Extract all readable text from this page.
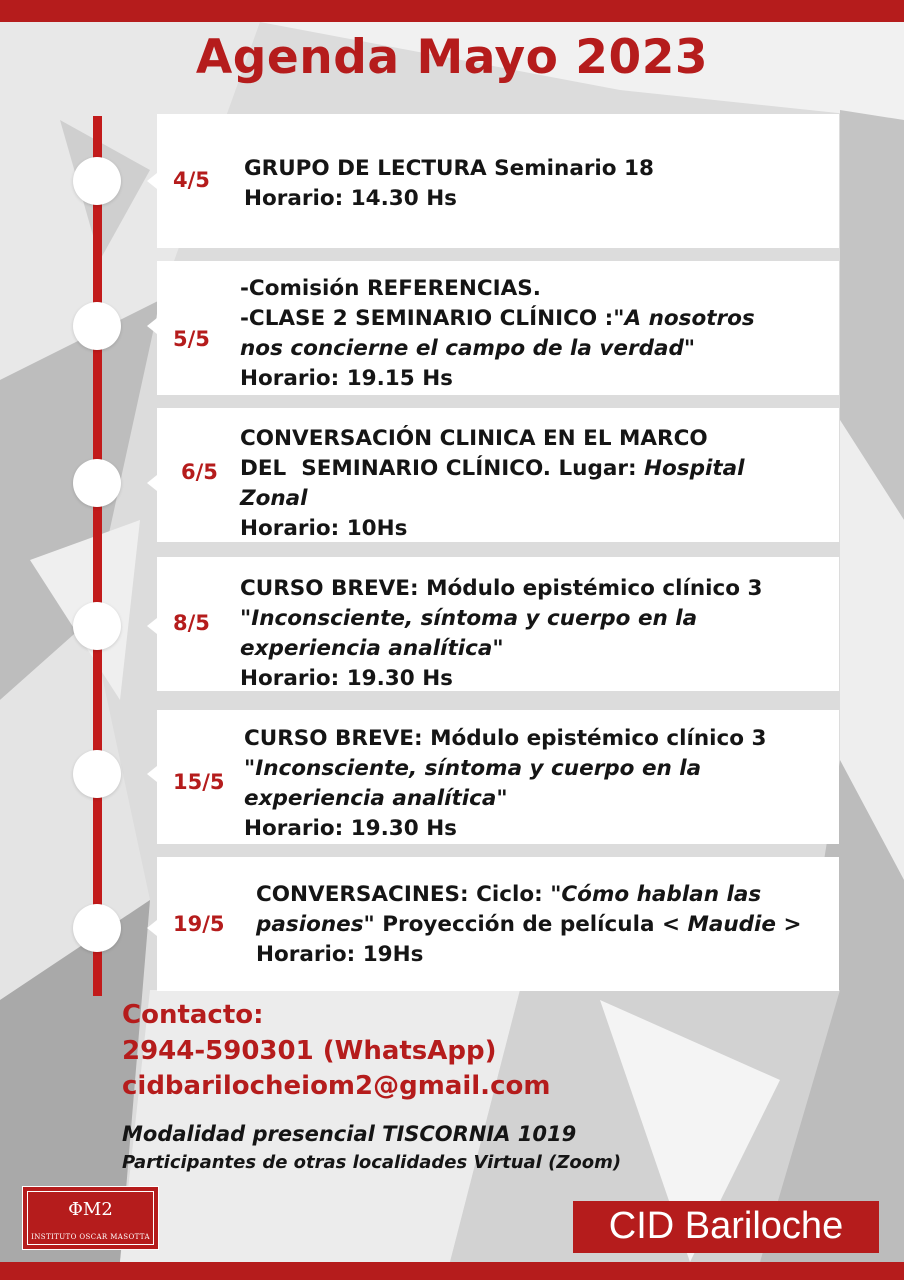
Agenda Mayo 2023
4/5 GRUPO DE LECTURA Seminario 18
Horario: 14.30 Hs
5/5
-Comisión REFERENCIAS.
-CLASE 2 SEMINARIO CLÍNICO :"A nosotros
nos concierne el campo de la verdad"
Horario: 19.15 Hs
6/5
CONVERSACIÓN CLINICA EN EL MARCO
DEL  SEMINARIO CLÍNICO. Lugar: Hospital
Zonal
Horario: 10Hs
8/5
CURSO BREVE: Módulo epistémico clínico 3
"Inconsciente, síntoma y cuerpo en la
experiencia analítica"
Horario: 19.30 Hs
15/5
CURSO BREVE: Módulo epistémico clínico 3
"Inconsciente, síntoma y cuerpo en la
experiencia analítica"
Horario: 19.30 Hs
19/5
CONVERSACINES: Ciclo: "Cómo hablan las
pasiones" Proyección de película < Maudie >
Horario: 19Hs
Contacto:
2944-590301 (WhatsApp)
cidbarilocheiom2@gmail.com
Modalidad presencial TISCORNIA 1019
Participantes de otras localidades Virtual (Zoom)
ΦM2
INSTITUTO OSCAR MASOTTA	CID Bariloche
